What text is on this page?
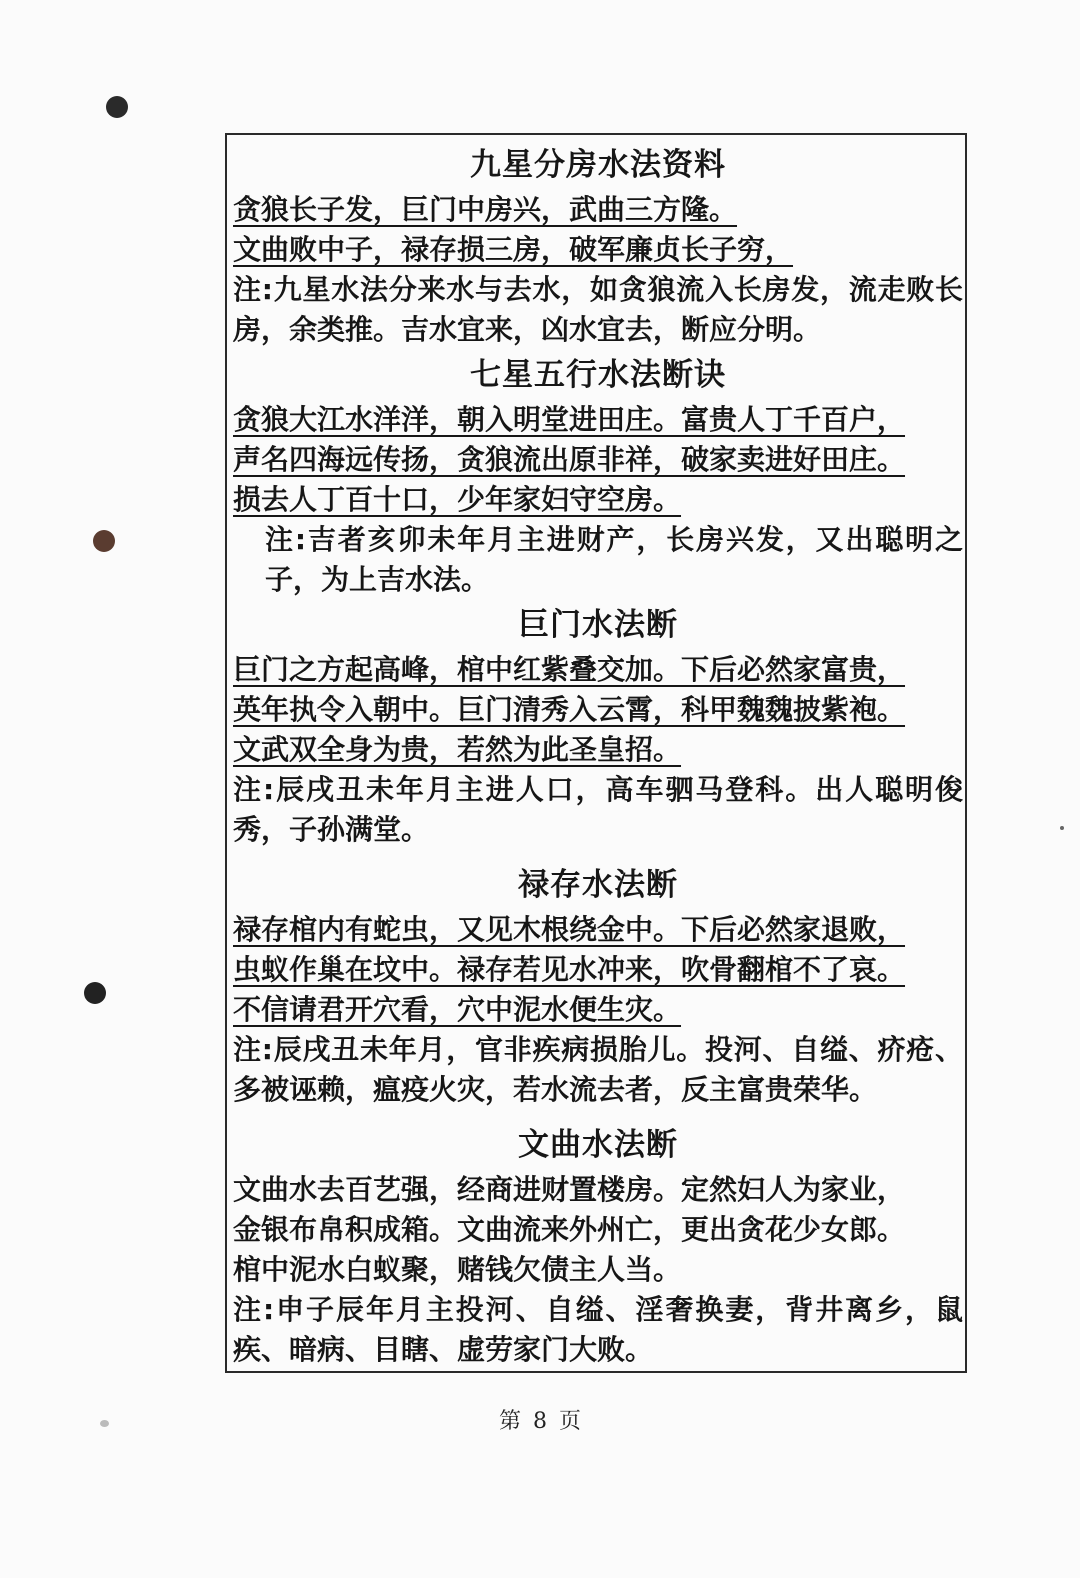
九星分房水法资料
贪狼长子发，巨门中房兴，武曲三方隆。
文曲败中子，禄存损三房，破军廉贞长子穷，
注:九星水法分来水与去水，如贪狼流入长房发，流走败长房，余类推。吉水宜来，凶水宜去，断应分明。
七星五行水法断诀
贪狼大江水洋洋，朝入明堂进田庄。富贵人丁千百户，
声名四海远传扬，贪狼流出原非祥，破家卖进好田庄。
损去人丁百十口，少年家妇守空房。
注:吉者亥卯未年月主进财产，长房兴发，又出聪明之子，为上吉水法。
巨门水法断
巨门之方起高峰，棺中红紫叠交加。下后必然家富贵，
英年执令入朝中。巨门清秀入云霄，科甲魏魏披紫袍。
文武双全身为贵，若然为此圣皇招。
注:辰戌丑未年月主进人口，高车驷马登科。出人聪明俊秀，子孙满堂。
禄存水法断
禄存棺内有蛇虫，又见木根绕金中。下后必然家退败，
虫蚁作巢在坟中。禄存若见水冲来，吹骨翻棺不了哀。
不信请君开穴看，穴中泥水便生灾。
注:辰戌丑未年月，官非疾病损胎儿。投河、自缢、疥疮、多被诬赖，瘟疫火灾，若水流去者，反主富贵荣华。
文曲水法断
文曲水去百艺强，经商进财置楼房。定然妇人为家业，
金银布帛积成箱。文曲流来外州亡，更出贪花少女郎。
棺中泥水白蚁聚，赌钱欠债主人当。
注:申子辰年月主投河、自缢、淫奢换妻，背井离乡，鼠疾、暗病、目瞎、虚劳家门大败。
第 8 页
